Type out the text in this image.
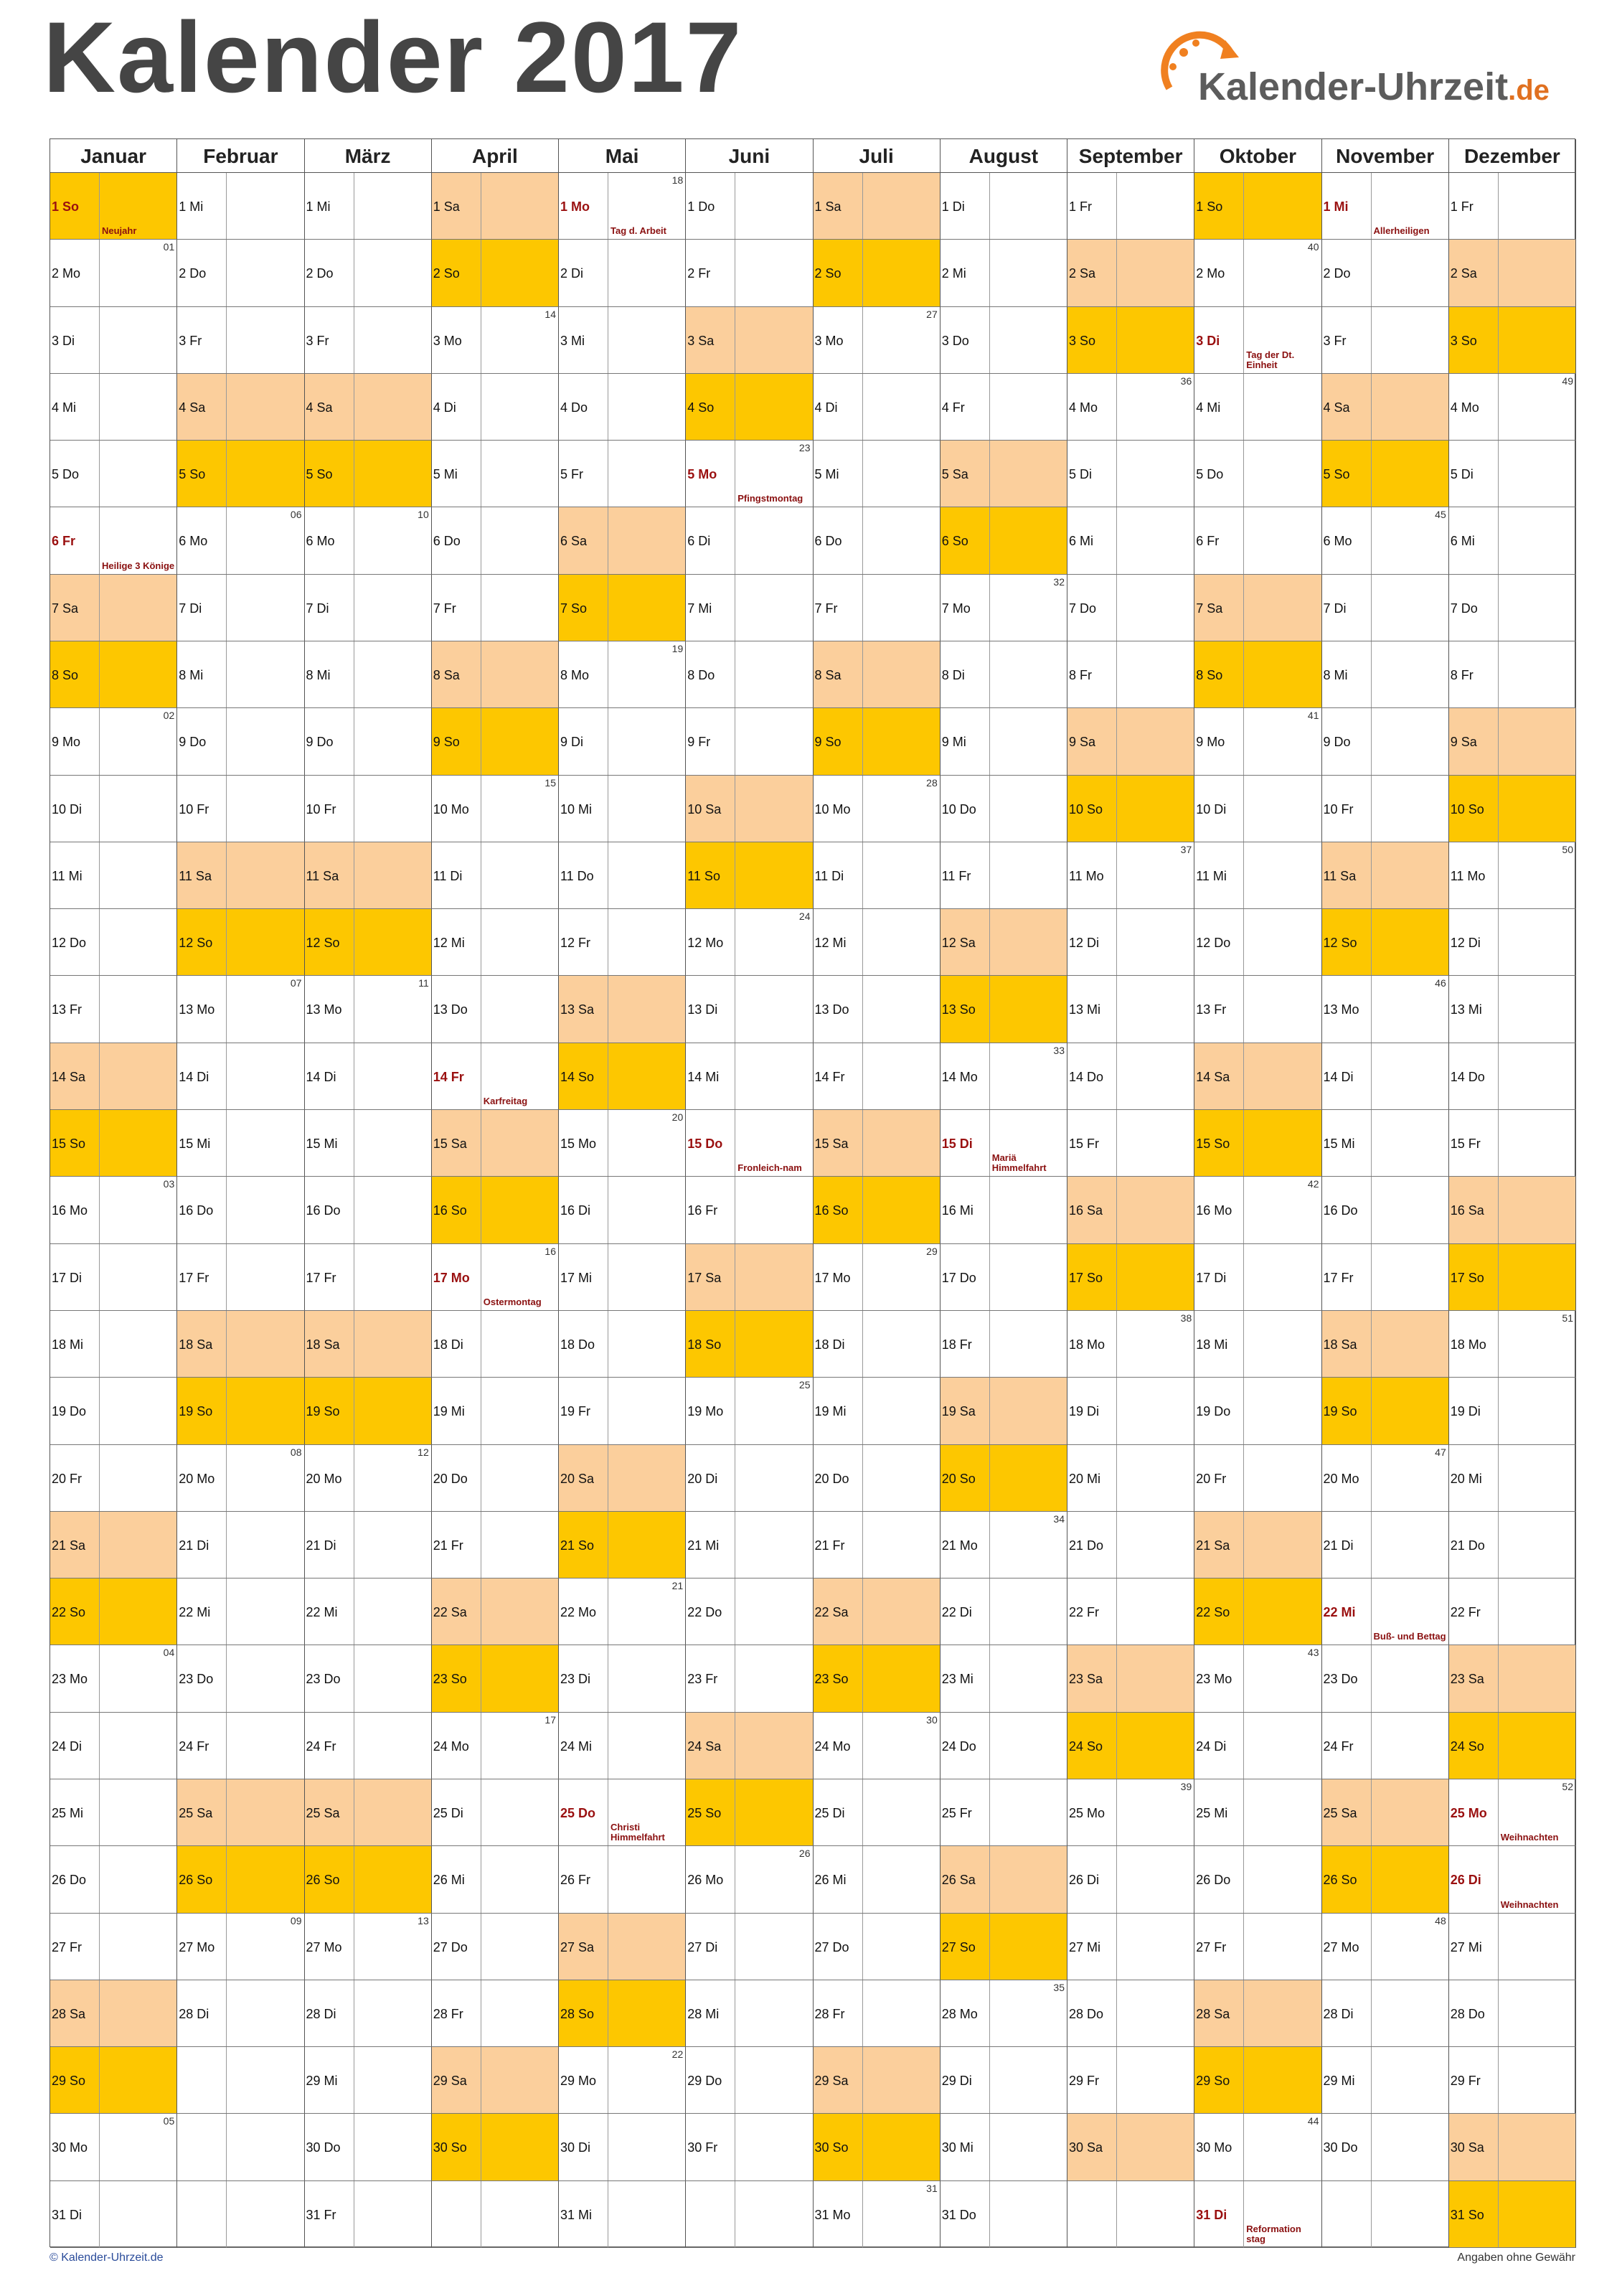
Kalender 2017	Kalender-Uhrzeit.de
Januar
1 So
Neujahr
2 Mo
01
3 Di
4 Mi
5 Do
6 Fr
Heilige 3 Könige
7 Sa
8 So
9 Mo
02
10 Di
11 Mi
12 Do
13 Fr
14 Sa
15 So
16 Mo
03
17 Di
18 Mi
19 Do
20 Fr
21 Sa
22 So
23 Mo
04
24 Di
25 Mi
26 Do
27 Fr
28 Sa
29 So
30 Mo
05
31 Di
Februar
1 Mi
2 Do
3 Fr
4 Sa
5 So
6 Mo
06
7 Di
8 Mi
9 Do
10 Fr
11 Sa
12 So
13 Mo
07
14 Di
15 Mi
16 Do
17 Fr
18 Sa
19 So
20 Mo
08
21 Di
22 Mi
23 Do
24 Fr
25 Sa
26 So
27 Mo
09
28 Di
März
1 Mi
2 Do
3 Fr
4 Sa
5 So
6 Mo
10
7 Di
8 Mi
9 Do
10 Fr
11 Sa
12 So
13 Mo
11
14 Di
15 Mi
16 Do
17 Fr
18 Sa
19 So
20 Mo
12
21 Di
22 Mi
23 Do
24 Fr
25 Sa
26 So
27 Mo
13
28 Di
29 Mi
30 Do
31 Fr
April
1 Sa
2 So
3 Mo
14
4 Di
5 Mi
6 Do
7 Fr
8 Sa
9 So
10 Mo
15
11 Di
12 Mi
13 Do
14 Fr
Karfreitag
15 Sa
16 So
17 Mo
16
Ostermontag
18 Di
19 Mi
20 Do
21 Fr
22 Sa
23 So
24 Mo
17
25 Di
26 Mi
27 Do
28 Fr
29 Sa
30 So
Mai
1 Mo
18
Tag d. Arbeit
2 Di
3 Mi
4 Do
5 Fr
6 Sa
7 So
8 Mo
19
9 Di
10 Mi
11 Do
12 Fr
13 Sa
14 So
15 Mo
20
16 Di
17 Mi
18 Do
19 Fr
20 Sa
21 So
22 Mo
21
23 Di
24 Mi
25 Do
Christi Himmelfahrt
26 Fr
27 Sa
28 So
29 Mo
22
30 Di
31 Mi
Juni
1 Do
2 Fr
3 Sa
4 So
5 Mo
23
Pfingstmontag
6 Di
7 Mi
8 Do
9 Fr
10 Sa
11 So
12 Mo
24
13 Di
14 Mi
15 Do
Fronleich-nam
16 Fr
17 Sa
18 So
19 Mo
25
20 Di
21 Mi
22 Do
23 Fr
24 Sa
25 So
26 Mo
26
27 Di
28 Mi
29 Do
30 Fr
Juli
1 Sa
2 So
3 Mo
27
4 Di
5 Mi
6 Do
7 Fr
8 Sa
9 So
10 Mo
28
11 Di
12 Mi
13 Do
14 Fr
15 Sa
16 So
17 Mo
29
18 Di
19 Mi
20 Do
21 Fr
22 Sa
23 So
24 Mo
30
25 Di
26 Mi
27 Do
28 Fr
29 Sa
30 So
31 Mo
31
August
1 Di
2 Mi
3 Do
4 Fr
5 Sa
6 So
7 Mo
32
8 Di
9 Mi
10 Do
11 Fr
12 Sa
13 So
14 Mo
33
15 Di
Mariä Himmelfahrt
16 Mi
17 Do
18 Fr
19 Sa
20 So
21 Mo
34
22 Di
23 Mi
24 Do
25 Fr
26 Sa
27 So
28 Mo
35
29 Di
30 Mi
31 Do
September
1 Fr
2 Sa
3 So
4 Mo
36
5 Di
6 Mi
7 Do
8 Fr
9 Sa
10 So
11 Mo
37
12 Di
13 Mi
14 Do
15 Fr
16 Sa
17 So
18 Mo
38
19 Di
20 Mi
21 Do
22 Fr
23 Sa
24 So
25 Mo
39
26 Di
27 Mi
28 Do
29 Fr
30 Sa
Oktober
1 So
2 Mo
40
3 Di
Tag der Dt. Einheit
4 Mi
5 Do
6 Fr
7 Sa
8 So
9 Mo
41
10 Di
11 Mi
12 Do
13 Fr
14 Sa
15 So
16 Mo
42
17 Di
18 Mi
19 Do
20 Fr
21 Sa
22 So
23 Mo
43
24 Di
25 Mi
26 Do
27 Fr
28 Sa
29 So
30 Mo
44
31 Di
Reformation stag
November
1 Mi
Allerheiligen
2 Do
3 Fr
4 Sa
5 So
6 Mo
45
7 Di
8 Mi
9 Do
10 Fr
11 Sa
12 So
13 Mo
46
14 Di
15 Mi
16 Do
17 Fr
18 Sa
19 So
20 Mo
47
21 Di
22 Mi
Buß- und Bettag
23 Do
24 Fr
25 Sa
26 So
27 Mo
48
28 Di
29 Mi
30 Do
Dezember
1 Fr
2 Sa
3 So
4 Mo
49
5 Di
6 Mi
7 Do
8 Fr
9 Sa
10 So
11 Mo
50
12 Di
13 Mi
14 Do
15 Fr
16 Sa
17 So
18 Mo
51
19 Di
20 Mi
21 Do
22 Fr
23 Sa
24 So
25 Mo
52
Weihnachten
26 Di
Weihnachten
27 Mi
28 Do
29 Fr
30 Sa
31 So
© Kalender-Uhrzeit.de	Angaben ohne Gewähr
